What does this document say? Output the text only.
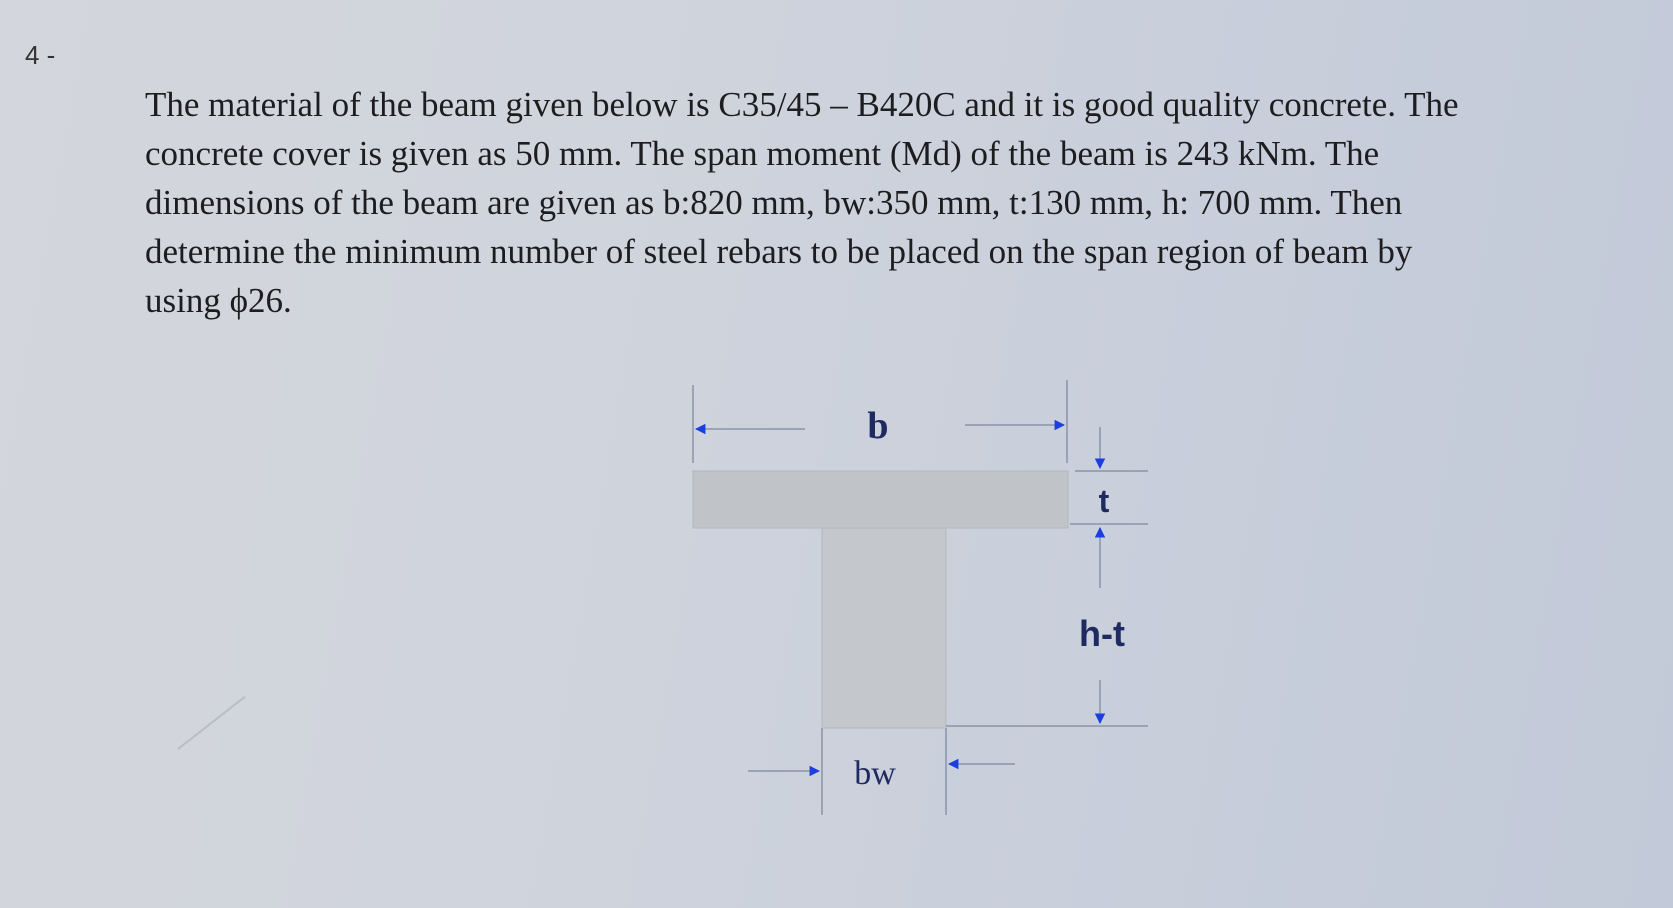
4 -
The material of the beam given below is C35/45 – B420C and it is good quality concrete. The
concrete cover is given as 50 mm. The span moment (Md) of the beam is 243 kNm. The
dimensions of the beam are given as b:820 mm, bw:350 mm, t:130 mm, h: 700 mm. Then
determine the minimum number of steel rebars to be placed on the span region of beam by
using ϕ26.
b
t
h-t
bw
